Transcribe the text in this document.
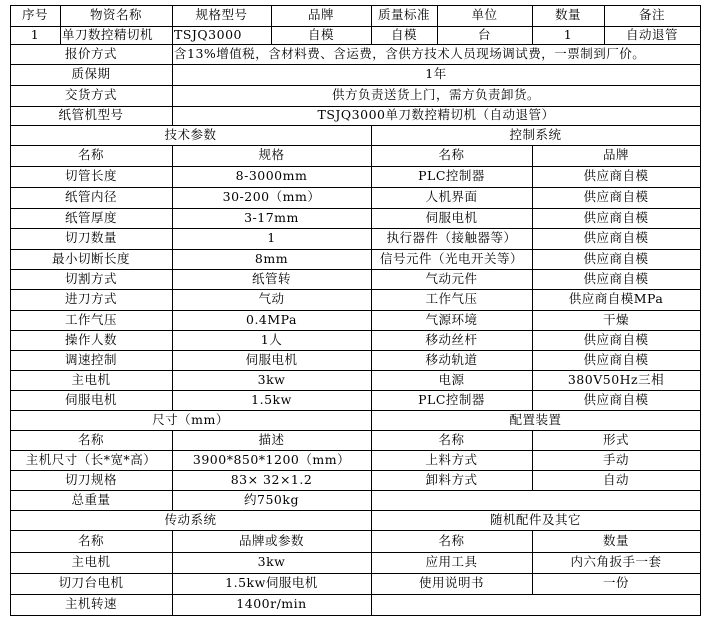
序号	物资名称	规格型号	品牌	质量标准	单位	数量	备注
1	单刀数控精切机	TSJQ3000	自模	自模	台	1	自动退管
报价方式	含13%增值税，含材料费、含运费，含供方技术人员现场调试费，一票制到厂价。
质保期	1年
交货方式	供方负责送货上门，需方负责卸货。
纸管机型号	TSJQ3000单刀数控精切机（自动退管）
技术参数	控制系统
名称	规格	名称	品牌
切管长度	8-3000mm	PLC控制器	供应商自模
纸管内径	30-200（mm）	人机界面	供应商自模
纸管厚度	3-17mm	伺服电机	供应商自模
切刀数量	1	执行器件（接触器等）	供应商自模
最小切断长度	8mm	信号元件（光电开关等）	供应商自模
切割方式	纸管转	气动元件	供应商自模
进刀方式	气动	工作气压	供应商自模MPa
工作气压	0.4MPa	气源环境	干燥
操作人数	1人	移动丝杆	供应商自模
调速控制	伺服电机	移动轨道	供应商自模
主电机	3kw	电源	380V50Hz三相
伺服电机	1.5kw	PLC控制器	供应商自模
尺寸（mm）	配置装置
名称	描述	名称	形式
主机尺寸（长*宽*高）	3900*850*1200（mm）	上料方式	手动
切刀规格	83× 32×1.2	卸料方式	自动
总重量	约750kg
传动系统	随机配件及其它
名称	品牌或参数	名称	数量
主电机	3kw	应用工具	内六角扳手一套
切刀台电机	1.5kw伺服电机	使用说明书	一份
主机转速	1400r/min
